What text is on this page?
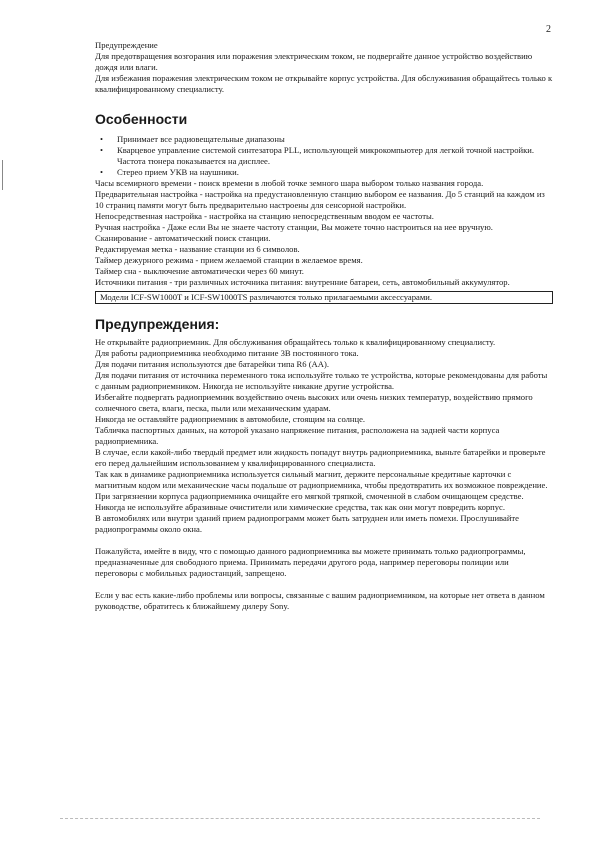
2

Предупреждение

Для предотвращения возгорания или поражения электрическим током, не подвергайте данное устройство воздействию дождя или влаги.

Для избежания поражения электрическим током не открывайте корпус устройства. Для обслуживания обращайтесь только к квалифицированному специалисту.

Особенности
• Принимает все радиовещательные диапазоны
• Кварцевое управление системой синтезатора PLL, использующей микрокомпьютер для легкой точной настройки. Частота тюнера показывается на дисплее.
• Стерео прием УКВ на наушники.

Часы всемирного времени - поиск времени в любой точке земного шара выбором только названия города.

Предварительная настройка - настройка на предустановленную станцию выбором ее названия. До 5 станций на каждом из 10 страниц памяти могут быть предварительно настроены для сенсорной настройки.

Непосредственная настройка - настройка на станцию непосредственным вводом ее частоты.

Ручная настройка - Даже если Вы не знаете частоту станции, Вы можете точно настроиться на нее вручную.

Сканирование - автоматический поиск станции.

Редактируемая метка - название станции из 6 символов.

Таймер дежурного режима - прием желаемой станции в желаемое время.

Таймер сна - выключение автоматически через 60 минут.

Источники питания - три различных источника питания: внутренние батареи, сеть, автомобильный аккумулятор.

Модели ICF-SW1000T и ICF-SW1000TS различаются только прилагаемыми аксессуарами.
Предупреждения:

Не открывайте радиоприемник. Для обслуживания обращайтесь только к квалифицированному специалисту.

Для работы радиоприемника необходимо питание 3В постоянного тока.

Для подачи питания используются две батарейки типа R6 (АА).

Для подачи питания от источника переменного тока используйте только те устройства, которые рекомендованы для работы с данным радиоприемником. Никогда не используйте никакие другие устройства.

Избегайте подвергать радиоприемник воздействию очень высоких или очень низких температур, воздействию прямого солнечного света, влаги, песка, пыли или механическим ударам.

Никогда не оставляйте радиоприемник в автомобиле, стоящим на солнце.

Табличка паспортных данных, на которой указано напряжение питания, расположена на задней части корпуса радиоприемника.

В случае, если какой-либо твердый предмет или жидкость попадут внутрь радиоприемника, выньте батарейки и проверьте его перед дальнейшим использованием у квалифицированного специалиста.

Так как в динамике радиоприемника используется сильный магнит, держите персональные кредитные карточки с магнитным кодом или механические часы подальше от радиоприемника, чтобы предотвратить их возможное повреждение.

При загрязнении корпуса радиоприемника очищайте его мягкой тряпкой, смоченной в слабом очищающем средстве.

Никогда не используйте абразивные очистители или химические средства, так как они могут повредить корпус.

В автомобилях или внутри зданий прием радиопрограмм может быть затруднен или иметь помехи. Прослушивайте радиопрограммы около окна.

Пожалуйста, имейте в виду, что с помощью данного радиоприемника вы можете принимать только радиопрограммы, предназначенные для свободного приема. Принимать передачи другого рода, например переговоры полиции или переговоры с мобильных радиостанций, запрещено.

Если у вас есть какие-либо проблемы или вопросы, связанные с вашим радиоприемником, на которые нет ответа в данном руководстве, обратитесь к ближайшему дилеру Sony.
